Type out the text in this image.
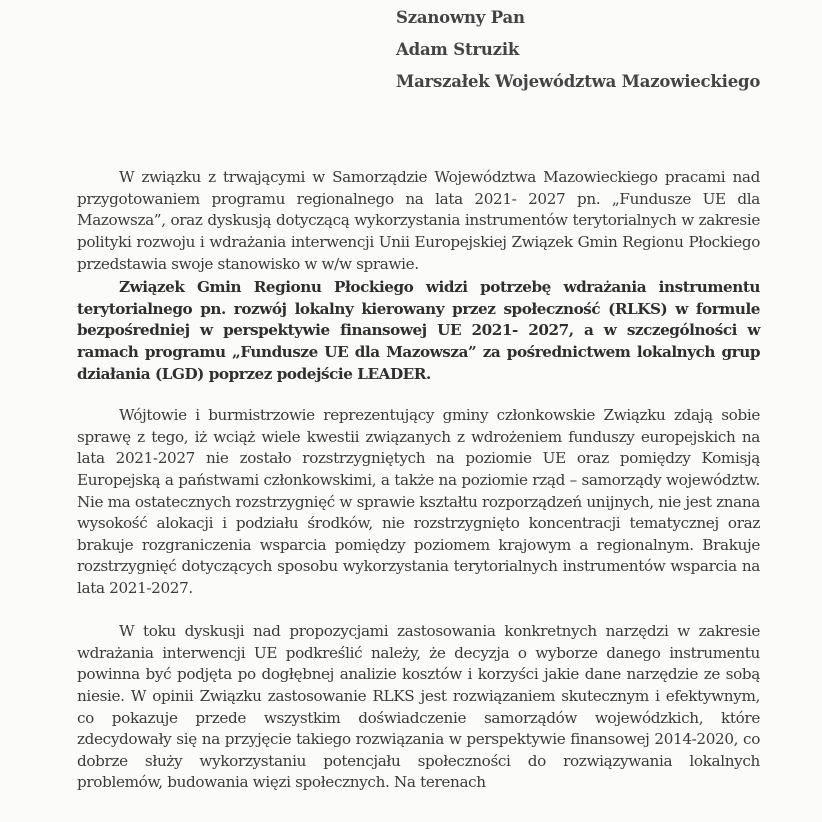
Szanowny Pan
Adam Struzik
Marszałek Województwa Mazowieckiego

W związku z trwającymi w Samorządzie Województwa Mazowieckiego pracami nad przygotowaniem programu regionalnego na lata 2021- 2027 pn. „Fundusze UE dla Mazowsza”, oraz dyskusją dotyczącą wykorzystania instrumentów terytorialnych w zakresie polityki rozwoju i wdrażania interwencji Unii Europejskiej Związek Gmin Regionu Płockiego przedstawia swoje stanowisko w w/w sprawie.

Związek Gmin Regionu Płockiego widzi potrzebę wdrażania instrumentu terytorialnego pn. rozwój lokalny kierowany przez społeczność (RLKS) w formule bezpośredniej w perspektywie finansowej UE 2021- 2027, a w szczególności w ramach programu „Fundusze UE dla Mazowsza” za pośrednictwem lokalnych grup działania (LGD) poprzez podejście LEADER.

Wójtowie i burmistrzowie reprezentujący gminy członkowskie Związku zdają sobie sprawę z tego, iż wciąż wiele kwestii związanych z wdrożeniem funduszy europejskich na lata 2021-2027 nie zostało rozstrzygniętych na poziomie UE oraz pomiędzy Komisją Europejską a państwami członkowskimi, a także na poziomie rząd – samorządy województw. Nie ma ostatecznych rozstrzygnięć w sprawie kształtu rozporządzeń unijnych, nie jest znana wysokość alokacji i podziału środków, nie rozstrzygnięto koncentracji tematycznej oraz brakuje rozgraniczenia wsparcia pomiędzy poziomem krajowym a regionalnym. Brakuje rozstrzygnięć dotyczących sposobu wykorzystania terytorialnych instrumentów wsparcia na lata 2021-2027.

W toku dyskusji nad propozycjami zastosowania konkretnych narzędzi w zakresie wdrażania interwencji UE podkreślić należy, że decyzja o wyborze danego instrumentu powinna być podjęta po dogłębnej analizie kosztów i korzyści jakie dane narzędzie ze sobą niesie. W opinii Związku zastosowanie RLKS jest rozwiązaniem skutecznym i efektywnym, co pokazuje przede wszystkim doświadczenie samorządów wojewódzkich, które zdecydowały się na przyjęcie takiego rozwiązania w perspektywie finansowej 2014-2020, co dobrze służy wykorzystaniu potencjału społeczności do rozwiązywania lokalnych problemów, budowania więzi społecznych. Na terenach
